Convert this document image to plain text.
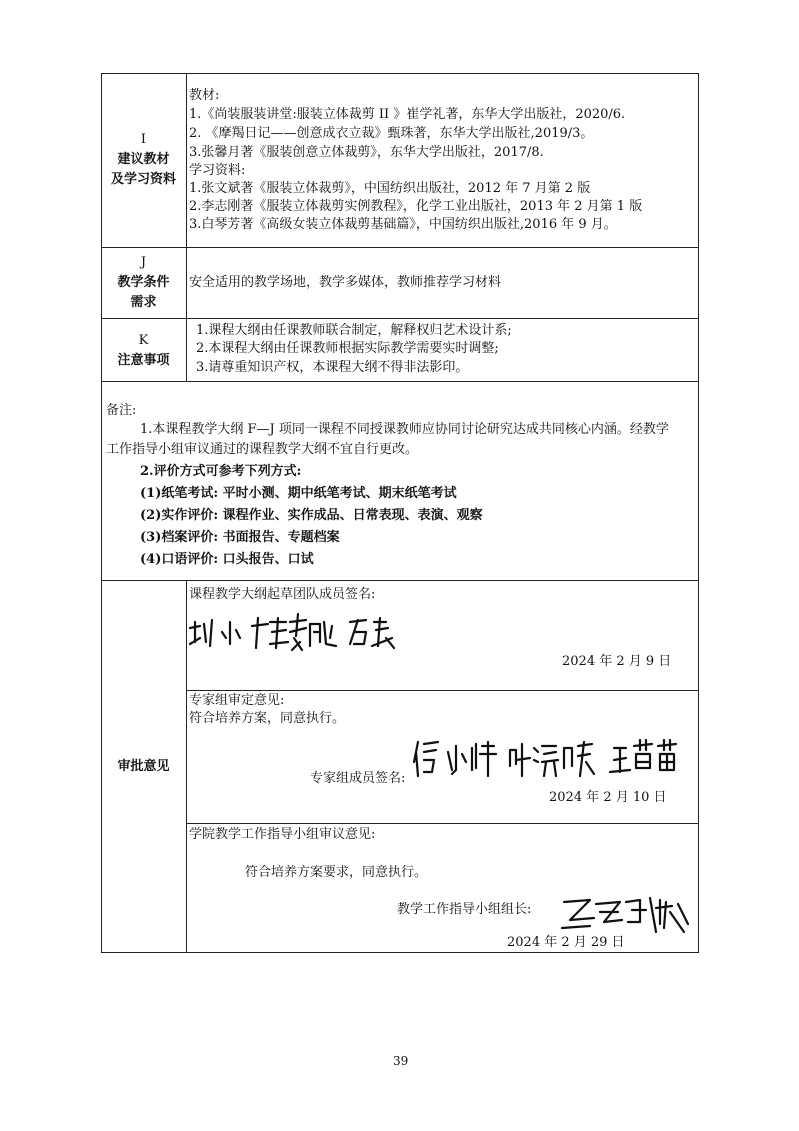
I
建议教材
及学习资料
教材:
1.《尚装服装讲堂:服装立体裁剪 II 》崔学礼著，东华大学出版社，2020/6.
2. 《摩羯日记——创意成衣立裁》甄珠著，东华大学出版社,2019/3。
3.张馨月著《服装创意立体裁剪》，东华大学出版社，2017/8.
学习资料:
1.张文斌著《服装立体裁剪》，中国纺织出版社，2012 年 7 月第 2 版
2.李志刚著《服装立体裁剪实例教程》，化学工业出版社，2013 年 2 月第 1 版
3.白琴芳著《高级女装立体裁剪基础篇》，中国纺织出版社,2016 年 9 月。
J
教学条件
需求
安全适用的教学场地，教学多媒体，教师推荐学习材料
K
注意事项
1.课程大纲由任课教师联合制定，解释权归艺术设计系;
2.本课程大纲由任课教师根据实际教学需要实时调整;
3.请尊重知识产权，本课程大纲不得非法影印。
备注:
1.本课程教学大纲 F—J 项同一课程不同授课教师应协同讨论研究达成共同核心内涵。经教学
工作指导小组审议通过的课程教学大纲不宜自行更改。
2.评价方式可参考下列方式:
(1)纸笔考试: 平时小测、期中纸笔考试、期末纸笔考试
(2)实作评价: 课程作业、实作成品、日常表现、表演、观察
(3)档案评价: 书面报告、专题档案
(4)口语评价: 口头报告、口试
审批意见
课程教学大纲起草团队成员签名:
2024 年 2 月 9 日
专家组审定意见:
符合培养方案，同意执行。
专家组成员签名:
2024 年 2 月 10 日
学院教学工作指导小组审议意见:
符合培养方案要求，同意执行。
教学工作指导小组组长:
2024 年 2 月 29 日
39
